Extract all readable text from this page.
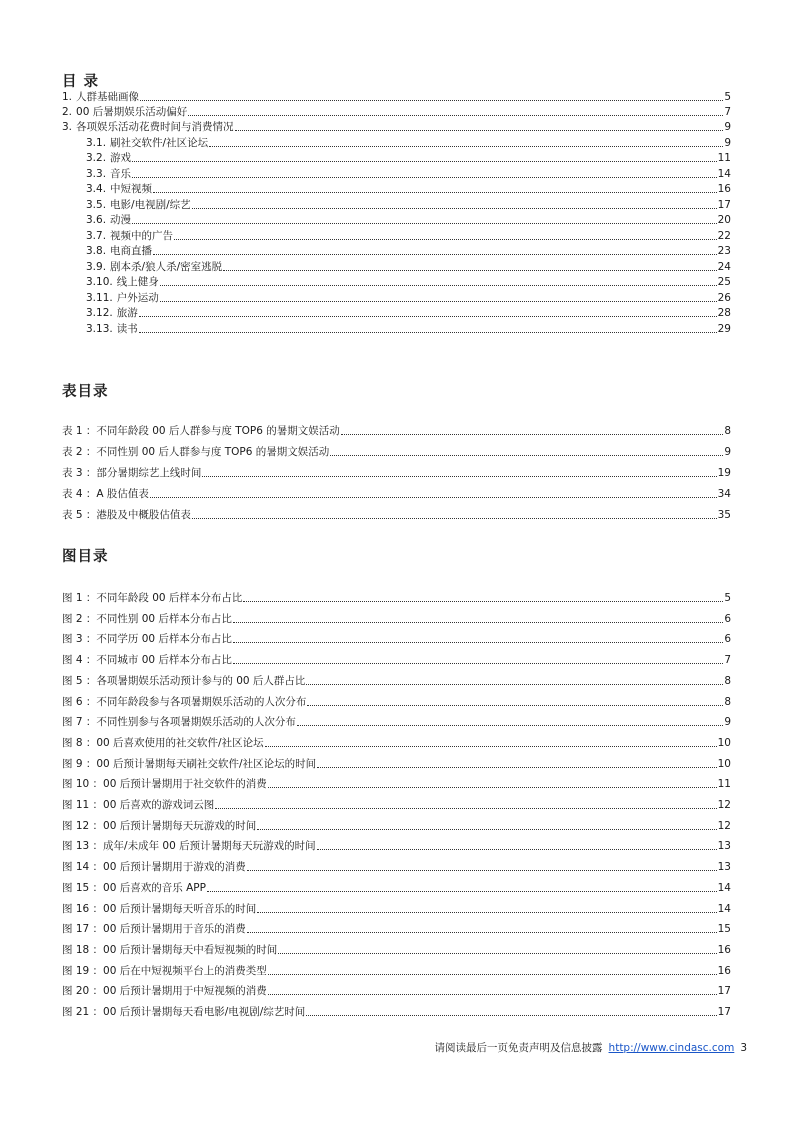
目 录
1. 人群基础画像	5
2. 00 后暑期娱乐活动偏好	7
3. 各项娱乐活动花费时间与消费情况	9
3.1. 刷社交软件/社区论坛	9
3.2. 游戏	11
3.3. 音乐	14
3.4. 中短视频	16
3.5. 电影/电视剧/综艺	17
3.6. 动漫	20
3.7. 视频中的广告	22
3.8. 电商直播	23
3.9. 剧本杀/狼人杀/密室逃脱	24
3.10. 线上健身	25
3.11. 户外运动	26
3.12. 旅游	28
3.13. 读书	29
表目录
表 1 ：不同年龄段 00 后人群参与度 TOP6 的暑期文娱活动	8
表 2 ：不同性别 00 后人群参与度 TOP6 的暑期文娱活动	9
表 3 ：部分暑期综艺上线时间	19
表 4 ：A 股估值表	34
表 5 ：港股及中概股估值表	35
图目录
图 1 ：不同年龄段 00 后样本分布占比	5
图 2 ：不同性别 00 后样本分布占比	6
图 3 ：不同学历 00 后样本分布占比	6
图 4 ：不同城市 00 后样本分布占比	7
图 5 ：各项暑期娱乐活动预计参与的 00 后人群占比	8
图 6 ：不同年龄段参与各项暑期娱乐活动的人次分布	8
图 7 ：不同性别参与各项暑期娱乐活动的人次分布	9
图 8 ：00 后喜欢使用的社交软件/社区论坛	10
图 9 ：00 后预计暑期每天刷社交软件/社区论坛的时间	10
图 10 ：00 后预计暑期用于社交软件的消费	11
图 11 ：00 后喜欢的游戏词云图	12
图 12 ：00 后预计暑期每天玩游戏的时间	12
图 13 ：成年/未成年 00 后预计暑期每天玩游戏的时间	13
图 14 ：00 后预计暑期用于游戏的消费	13
图 15 ：00 后喜欢的音乐 APP	14
图 16 ：00 后预计暑期每天听音乐的时间	14
图 17 ：00 后预计暑期用于音乐的消费	15
图 18 ：00 后预计暑期每天中看短视频的时间	16
图 19 ：00 后在中短视频平台上的消费类型	16
图 20 ：00 后预计暑期用于中短视频的消费	17
图 21 ：00 后预计暑期每天看电影/电视剧/综艺时间	17
请阅读最后一页免责声明及信息披露 http://www.cindasc.com 3
